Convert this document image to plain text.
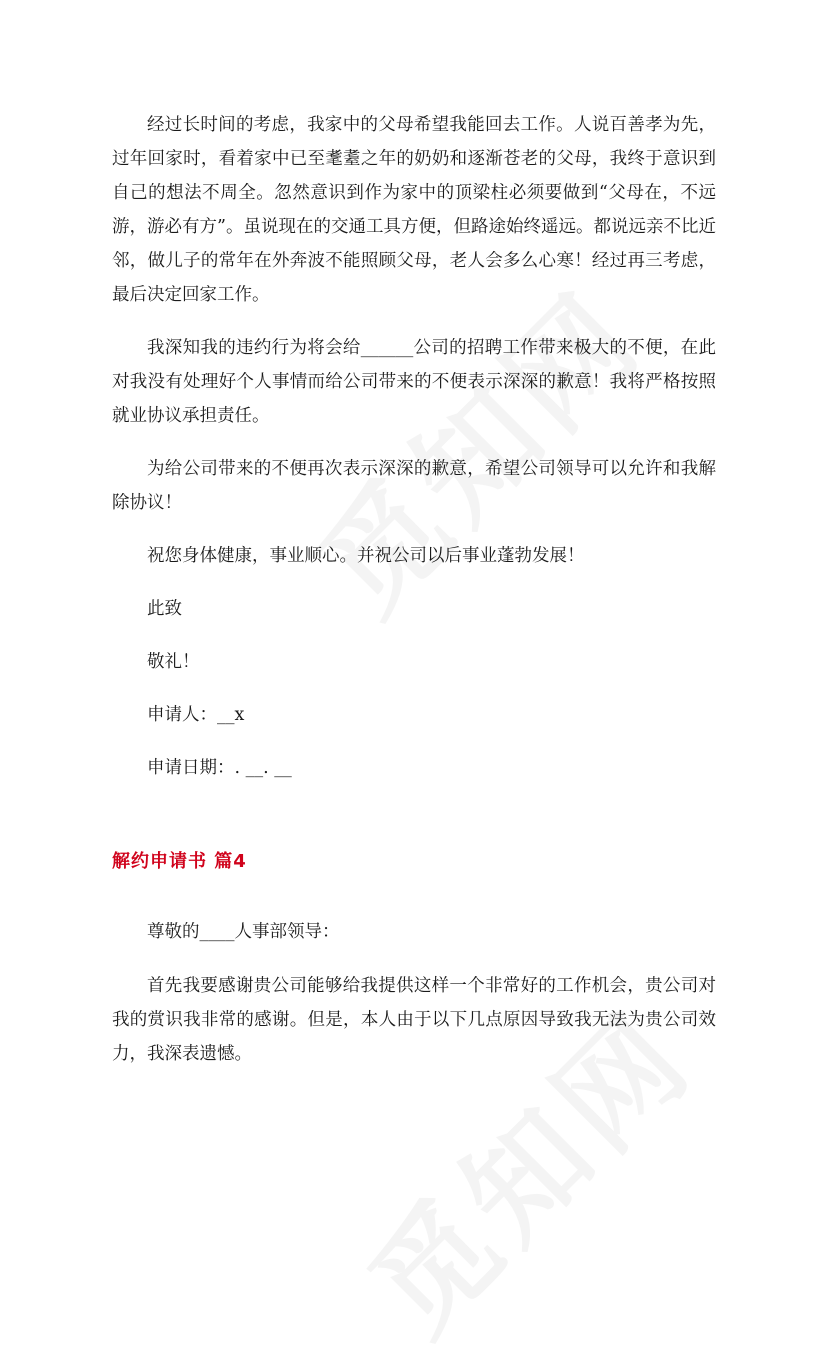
经过长时间的考虑，我家中的父母希望我能回去工作。人说百善孝为先，过年回家时，看着家中已至耄耋之年的奶奶和逐渐苍老的父母，我终于意识到自己的想法不周全。忽然意识到作为家中的顶梁柱必须要做到“父母在，不远游，游必有方”。虽说现在的交通工具方便，但路途始终遥远。都说远亲不比近邻，做儿子的常年在外奔波不能照顾父母，老人会多么心寒！经过再三考虑，最后决定回家工作。

我深知我的违约行为将会给______公司的招聘工作带来极大的不便，在此对我没有处理好个人事情而给公司带来的不便表示深深的歉意！我将严格按照就业协议承担责任。

为给公司带来的不便再次表示深深的歉意，希望公司领导可以允许和我解除协议！

祝您身体健康，事业顺心。并祝公司以后事业蓬勃发展！

此致

敬礼！

申请人：__x

申请日期：. __. __

解约申请书 篇4

尊敬的____人事部领导：

首先我要感谢贵公司能够给我提供这样一个非常好的工作机会，贵公司对我的赏识我非常的感谢。但是，本人由于以下几点原因导致我无法为贵公司效力，我深表遗憾。
